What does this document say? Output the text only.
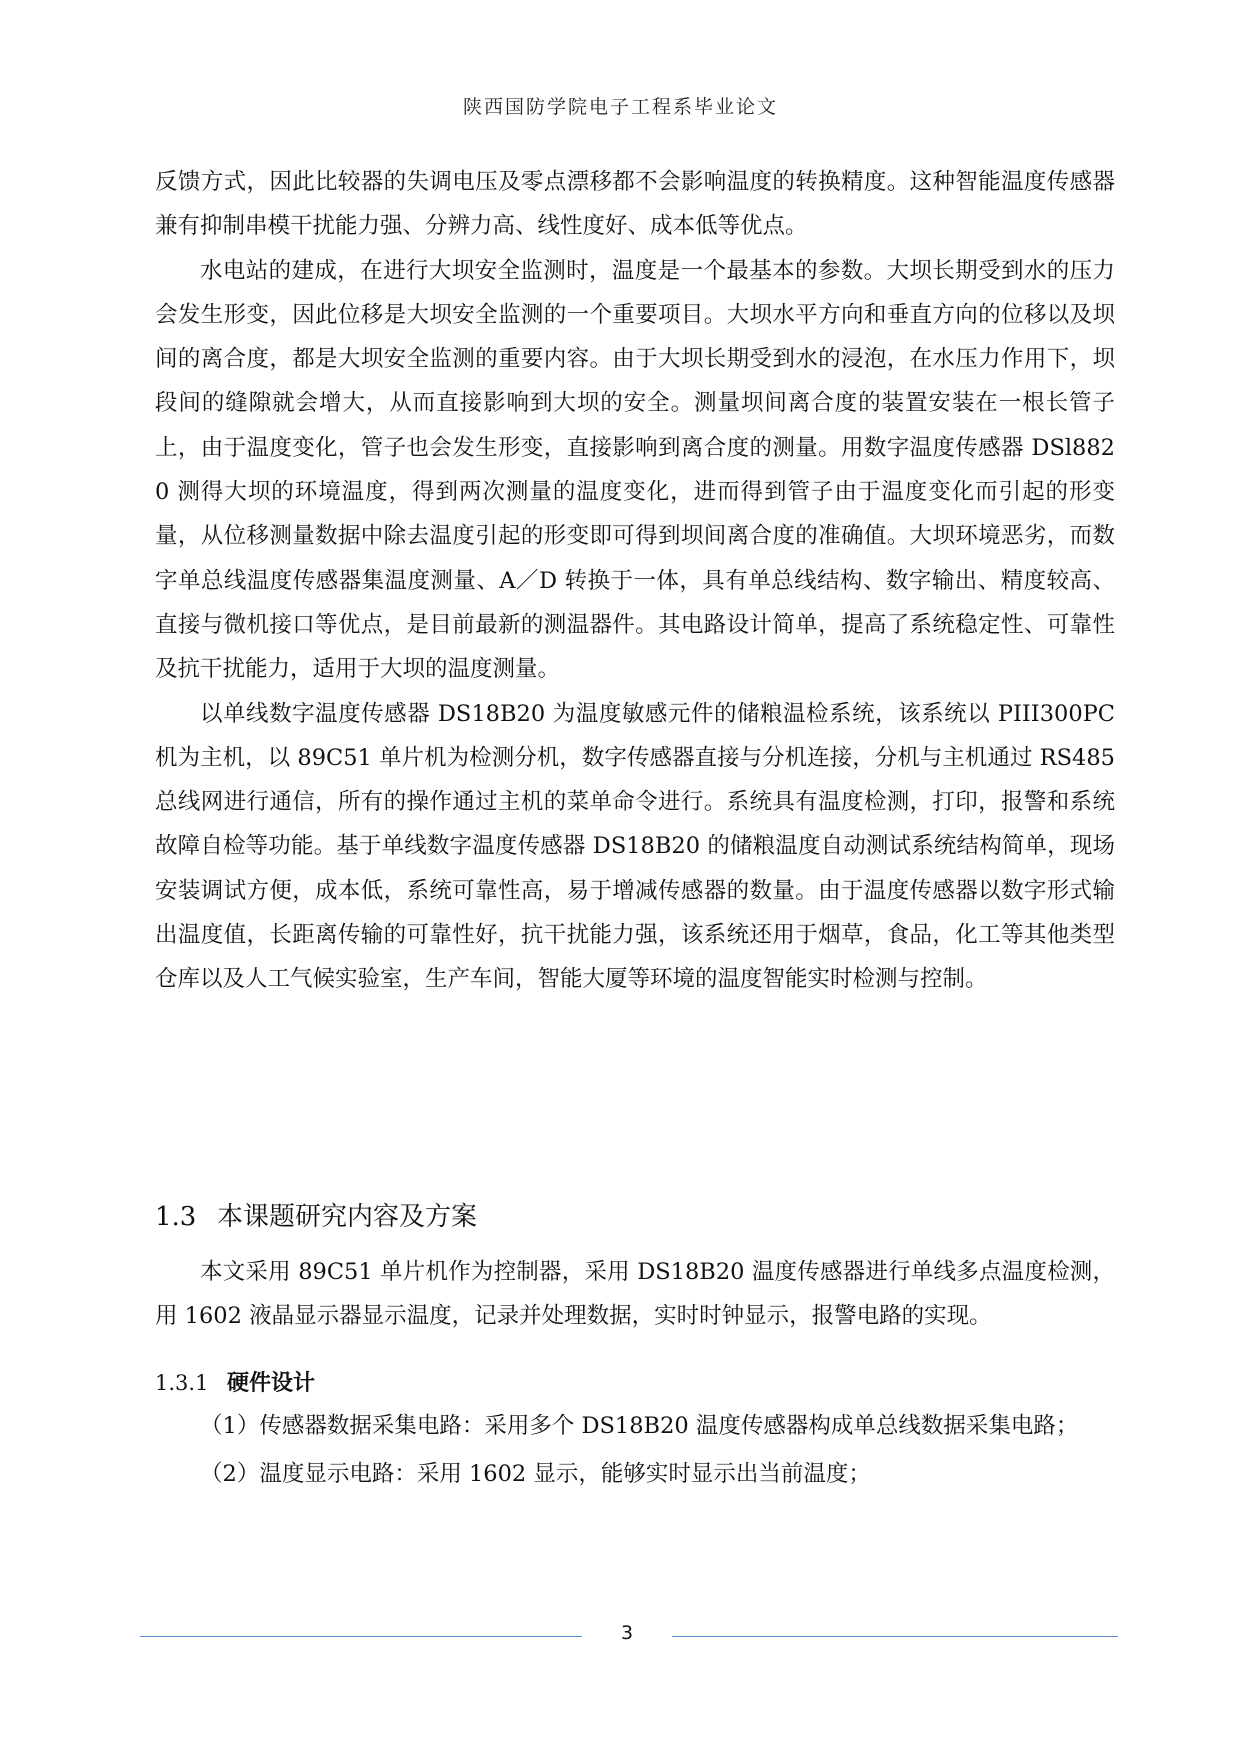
陕西国防学院电子工程系毕业论文

反馈方式，因此比较器的失调电压及零点漂移都不会影响温度的转换精度。这种智能温度传感器兼有抑制串模干扰能力强、分辨力高、线性度好、成本低等优点。

水电站的建成，在进行大坝安全监测时，温度是一个最基本的参数。大坝长期受到水的压力会发生形变，因此位移是大坝安全监测的一个重要项目。大坝水平方向和垂直方向的位移以及坝间的离合度，都是大坝安全监测的重要内容。由于大坝长期受到水的浸泡，在水压力作用下，坝段间的缝隙就会增大，从而直接影响到大坝的安全。测量坝间离合度的装置安装在一根长管子上，由于温度变化，管子也会发生形变，直接影响到离合度的测量。用数字温度传感器 DSl8820 测得大坝的环境温度，得到两次测量的温度变化，进而得到管子由于温度变化而引起的形变量，从位移测量数据中除去温度引起的形变即可得到坝间离合度的准确值。大坝环境恶劣，而数字单总线温度传感器集温度测量、A／D 转换于一体，具有单总线结构、数字输出、精度较高、直接与微机接口等优点，是目前最新的测温器件。其电路设计简单，提高了系统稳定性、可靠性及抗干扰能力，适用于大坝的温度测量。

以单线数字温度传感器 DS18B20 为温度敏感元件的储粮温检系统，该系统以 PIII300PC 机为主机，以 89C51 单片机为检测分机，数字传感器直接与分机连接，分机与主机通过 RS485 总线网进行通信，所有的操作通过主机的菜单命令进行。系统具有温度检测，打印，报警和系统故障自检等功能。基于单线数字温度传感器 DS18B20 的储粮温度自动测试系统结构简单，现场安装调试方便，成本低，系统可靠性高，易于增减传感器的数量。由于温度传感器以数字形式输出温度值，长距离传输的可靠性好，抗干扰能力强，该系统还用于烟草，食品，化工等其他类型仓库以及人工气候实验室，生产车间，智能大厦等环境的温度智能实时检测与控制。

1.3 本课题研究内容及方案

本文采用 89C51 单片机作为控制器，采用 DS18B20 温度传感器进行单线多点温度检测，用 1602 液晶显示器显示温度，记录并处理数据，实时时钟显示，报警电路的实现。

1.3.1 硬件设计

（1）传感器数据采集电路：采用多个 DS18B20 温度传感器构成单总线数据采集电路；

（2）温度显示电路：采用 1602 显示，能够实时显示出当前温度；

3
